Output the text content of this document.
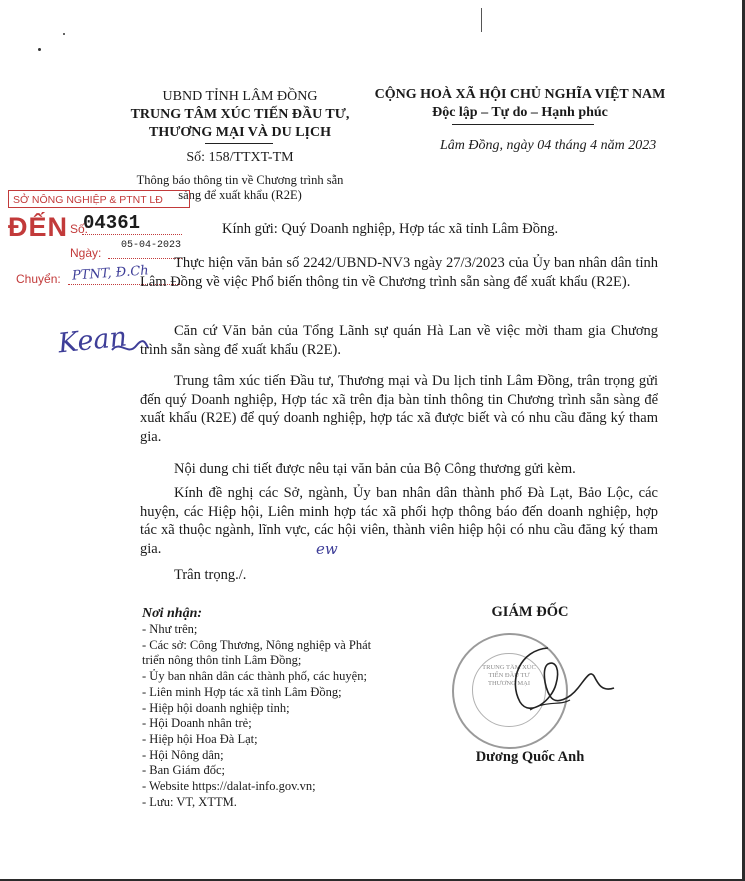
UBND TỈNH LÂM ĐỒNG
TRUNG TÂM XÚC TIẾN ĐẦU TƯ,
THƯƠNG MẠI VÀ DU LỊCH
Số: 158/TTXT-TM
Thông báo thông tin về Chương trình sẵn
sàng để xuất khẩu (R2E)
CỘNG HOÀ XÃ HỘI CHỦ NGHĨA VIỆT NAM
Độc lập – Tự do – Hạnh phúc
Lâm Đồng, ngày 04 tháng 4 năm 2023
SỞ NÔNG NGHIỆP & PTNT LĐ
ĐẾN Số:
04361
Ngày:
05-04-2023
Chuyển: PTNT, Đ.Ch
Kean
Kính gửi: Quý Doanh nghiệp, Hợp tác xã tỉnh Lâm Đồng.
Thực hiện văn bản số 2242/UBND-NV3 ngày 27/3/2023 của Ủy ban nhân dân tỉnh Lâm Đồng về việc Phổ biến thông tin về Chương trình sẵn sàng để xuất khẩu (R2E).
Căn cứ Văn bản của Tổng Lãnh sự quán Hà Lan về việc mời tham gia Chương trình sẵn sàng để xuất khẩu (R2E).
Trung tâm xúc tiến Đầu tư, Thương mại và Du lịch tỉnh Lâm Đồng, trân trọng gửi đến quý Doanh nghiệp, Hợp tác xã trên địa bàn tỉnh thông tin Chương trình sẵn sàng để xuất khẩu (R2E) để quý doanh nghiệp, hợp tác xã được biết và có nhu cầu đăng ký tham gia.
Nội dung chi tiết được nêu tại văn bản của Bộ Công thương gửi kèm.
Kính đề nghị các Sở, ngành, Ủy ban nhân dân thành phố Đà Lạt, Bảo Lộc, các huyện, các Hiệp hội, Liên minh hợp tác xã phối hợp thông báo đến doanh nghiệp, hợp tác xã thuộc ngành, lĩnh vực, các hội viên, thành viên hiệp hội có nhu cầu đăng ký tham gia.	ew
Trân trọng./.
Nơi nhận:
- Như trên;
- Các sở: Công Thương, Nông nghiệp và Phát
triển nông thôn tỉnh Lâm Đồng;
- Ủy ban nhân dân các thành phố, các huyện;
- Liên minh Hợp tác xã tỉnh Lâm Đồng;
- Hiệp hội doanh nghiệp tỉnh;
- Hội Doanh nhân trẻ;
- Hiệp hội Hoa Đà Lạt;
- Hội Nông dân;
- Ban Giám đốc;
- Website https://dalat-info.gov.vn;
- Lưu: VT, XTTM.
GIÁM ĐỐC
TRUNG TÂM XÚC TIẾN ĐẦU TƯ THƯƠNG MẠI
Dương Quốc Anh
